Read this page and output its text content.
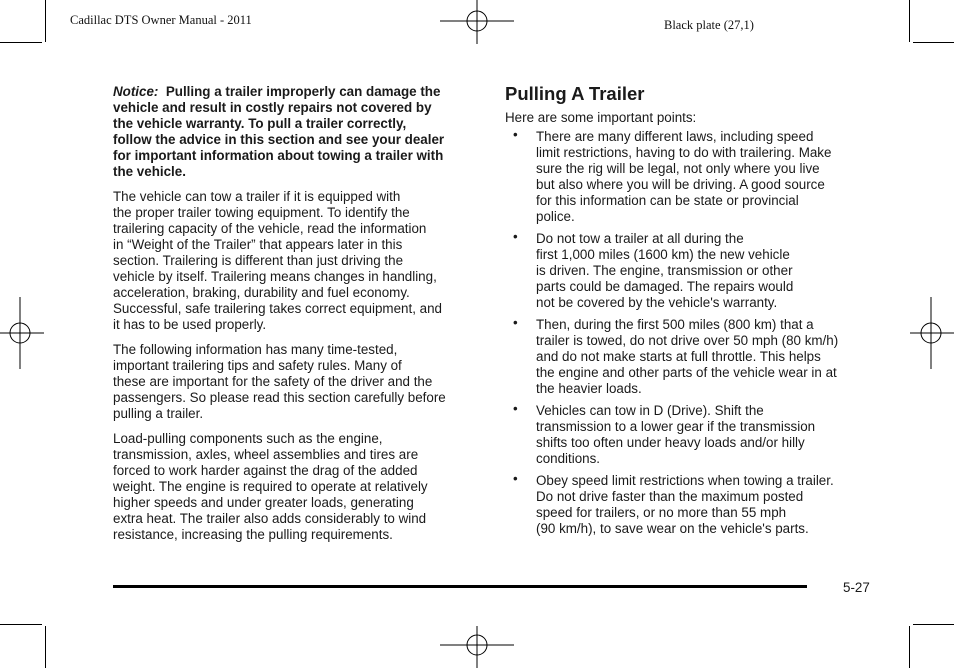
Cadillac DTS Owner Manual - 2011	Black plate (27,1)
Notice: Pulling a trailer improperly can damage the
vehicle and result in costly repairs not covered by
the vehicle warranty. To pull a trailer correctly,
follow the advice in this section and see your dealer
for important information about towing a trailer with
the vehicle.
The vehicle can tow a trailer if it is equipped with
the proper trailer towing equipment. To identify the
trailering capacity of the vehicle, read the information
in “Weight of the Trailer” that appears later in this
section. Trailering is different than just driving the
vehicle by itself. Trailering means changes in handling,
acceleration, braking, durability and fuel economy.
Successful, safe trailering takes correct equipment, and
it has to be used properly.
The following information has many time-tested,
important trailering tips and safety rules. Many of
these are important for the safety of the driver and the
passengers. So please read this section carefully before
pulling a trailer.
Load-pulling components such as the engine,
transmission, axles, wheel assemblies and tires are
forced to work harder against the drag of the added
weight. The engine is required to operate at relatively
higher speeds and under greater loads, generating
extra heat. The trailer also adds considerably to wind
resistance, increasing the pulling requirements.
Pulling A Trailer
Here are some important points:
• There are many different laws, including speed
limit restrictions, having to do with trailering. Make
sure the rig will be legal, not only where you live
but also where you will be driving. A good source
for this information can be state or provincial
police.
• Do not tow a trailer at all during the
first 1,000 miles (1600 km) the new vehicle
is driven. The engine, transmission or other
parts could be damaged. The repairs would
not be covered by the vehicle's warranty.
• Then, during the first 500 miles (800 km) that a
trailer is towed, do not drive over 50 mph (80 km/h)
and do not make starts at full throttle. This helps
the engine and other parts of the vehicle wear in at
the heavier loads.
• Vehicles can tow in D (Drive). Shift the
transmission to a lower gear if the transmission
shifts too often under heavy loads and/or hilly
conditions.
• Obey speed limit restrictions when towing a trailer.
Do not drive faster than the maximum posted
speed for trailers, or no more than 55 mph
(90 km/h), to save wear on the vehicle's parts.
5-27
